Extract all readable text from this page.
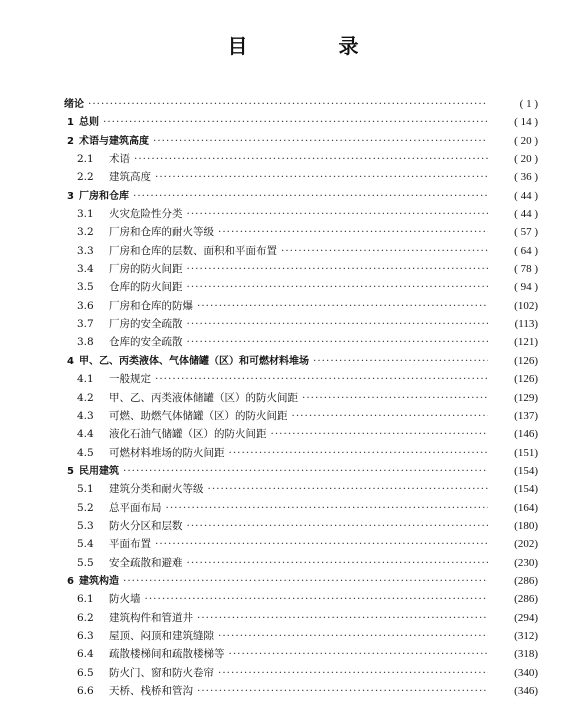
目 录
绪论 ·····	( 1 )
1 总则 ·····	( 14 )
2 术语与建筑高度 ·····	( 20 )
2.1	术语 ·····	( 20 )
2.2	建筑高度 ·····	( 36 )
3 厂房和仓库 ·····	( 44 )
3.1	火灾危险性分类 ·····	( 44 )
3.2	厂房和仓库的耐火等级 ·····	( 57 )
3.3	厂房和仓库的层数、面积和平面布置 ·····	( 64 )
3.4	厂房的防火间距 ·····	( 78 )
3.5	仓库的防火间距 ·····	( 94 )
3.6	厂房和仓库的防爆 ·····	(102)
3.7	厂房的安全疏散 ·····	(113)
3.8	仓库的安全疏散 ·····	(121)
4 甲、乙、丙类液体、气体储罐（区）和可燃材料堆场 ·····	(126)
4.1	一般规定 ·····	(126)
4.2	甲、乙、丙类液体储罐（区）的防火间距 ·····	(129)
4.3	可燃、助燃气体储罐（区）的防火间距 ·····	(137)
4.4	液化石油气储罐（区）的防火间距 ·····	(146)
4.5	可燃材料堆场的防火间距 ·····	(151)
5 民用建筑 ·····	(154)
5.1	建筑分类和耐火等级 ·····	(154)
5.2	总平面布局 ·····	(164)
5.3	防火分区和层数 ·····	(180)
5.4	平面布置 ·····	(202)
5.5	安全疏散和避难 ·····	(230)
6 建筑构造 ·····	(286)
6.1	防火墙 ·····	(286)
6.2	建筑构件和管道井 ·····	(294)
6.3	屋顶、闷顶和建筑缝隙 ·····	(312)
6.4	疏散楼梯间和疏散楼梯等 ·····	(318)
6.5	防火门、窗和防火卷帘 ·····	(340)
6.6	天桥、栈桥和管沟 ·····	(346)
